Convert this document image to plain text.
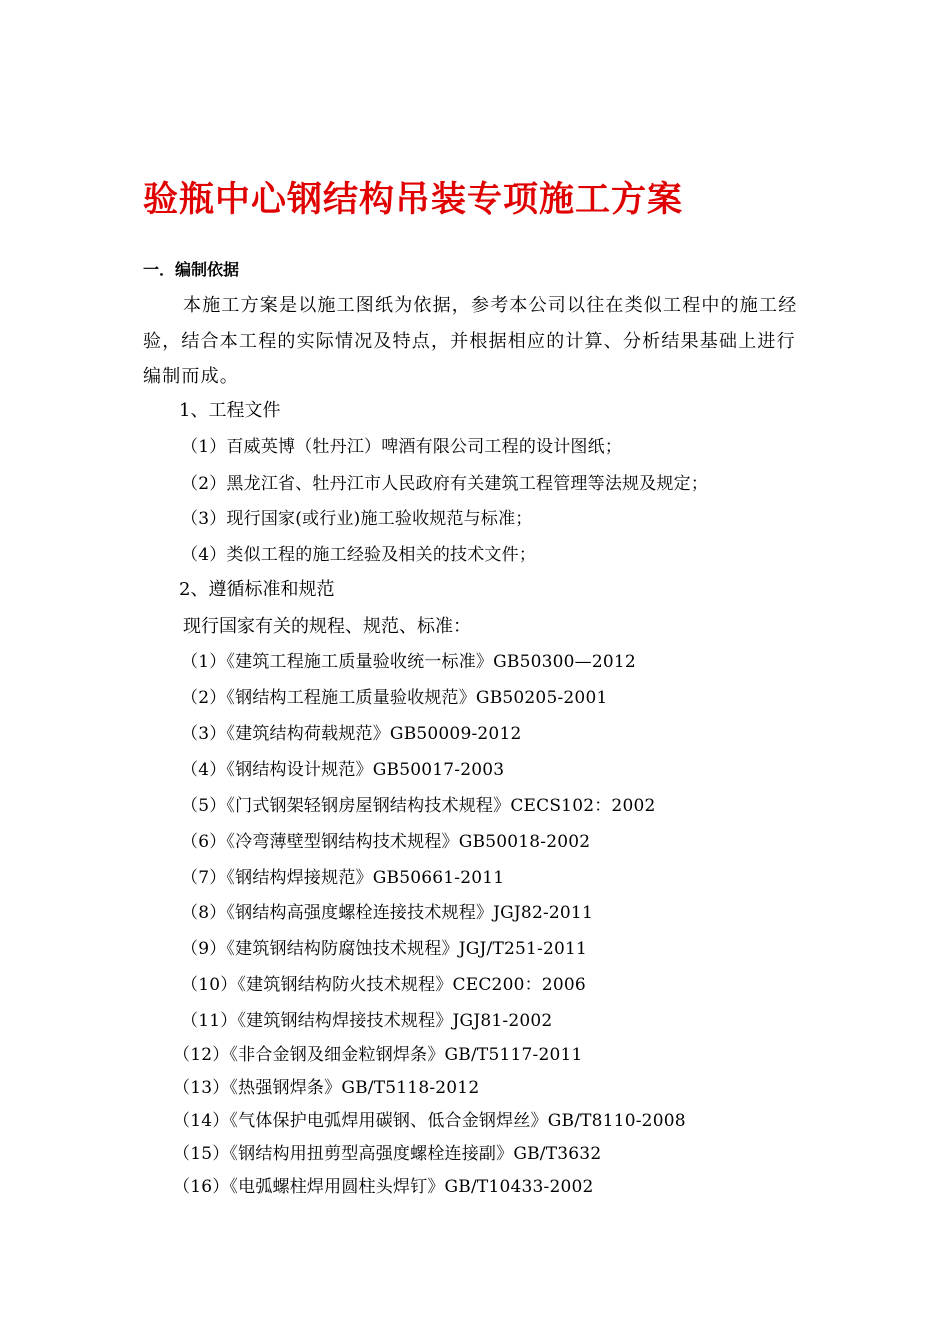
验瓶中心钢结构吊装专项施工方案
一．编制依据

本施工方案是以施工图纸为依据，参考本公司以往在类似工程中的施工经验，结合本工程的实际情况及特点，并根据相应的计算、分析结果基础上进行编制而成。

1、工程文件
（1）百威英博（牡丹江）啤酒有限公司工程的设计图纸；
（2）黑龙江省、牡丹江市人民政府有关建筑工程管理等法规及规定；
（3）现行国家(或行业)施工验收规范与标准；
（4）类似工程的施工经验及相关的技术文件；
2、遵循标准和规范
现行国家有关的规程、规范、标准：
（1）《建筑工程施工质量验收统一标准》GB50300—2012
（2）《钢结构工程施工质量验收规范》GB50205-2001
（3）《建筑结构荷载规范》GB50009-2012
（4）《钢结构设计规范》GB50017-2003
（5）《门式钢架轻钢房屋钢结构技术规程》CECS102：2002
（6）《冷弯薄壁型钢结构技术规程》GB50018-2002
（7）《钢结构焊接规范》GB50661-2011
（8）《钢结构高强度螺栓连接技术规程》JGJ82-2011
（9）《建筑钢结构防腐蚀技术规程》JGJ/T251-2011
（10）《建筑钢结构防火技术规程》CEC200：2006
（11）《建筑钢结构焊接技术规程》JGJ81-2002
（12）《非合金钢及细金粒钢焊条》GB/T5117-2011
（13）《热强钢焊条》GB/T5118-2012
（14）《气体保护电弧焊用碳钢、低合金钢焊丝》GB/T8110-2008
（15）《钢结构用扭剪型高强度螺栓连接副》GB/T3632
（16）《电弧螺柱焊用圆柱头焊钉》GB/T10433-2002
